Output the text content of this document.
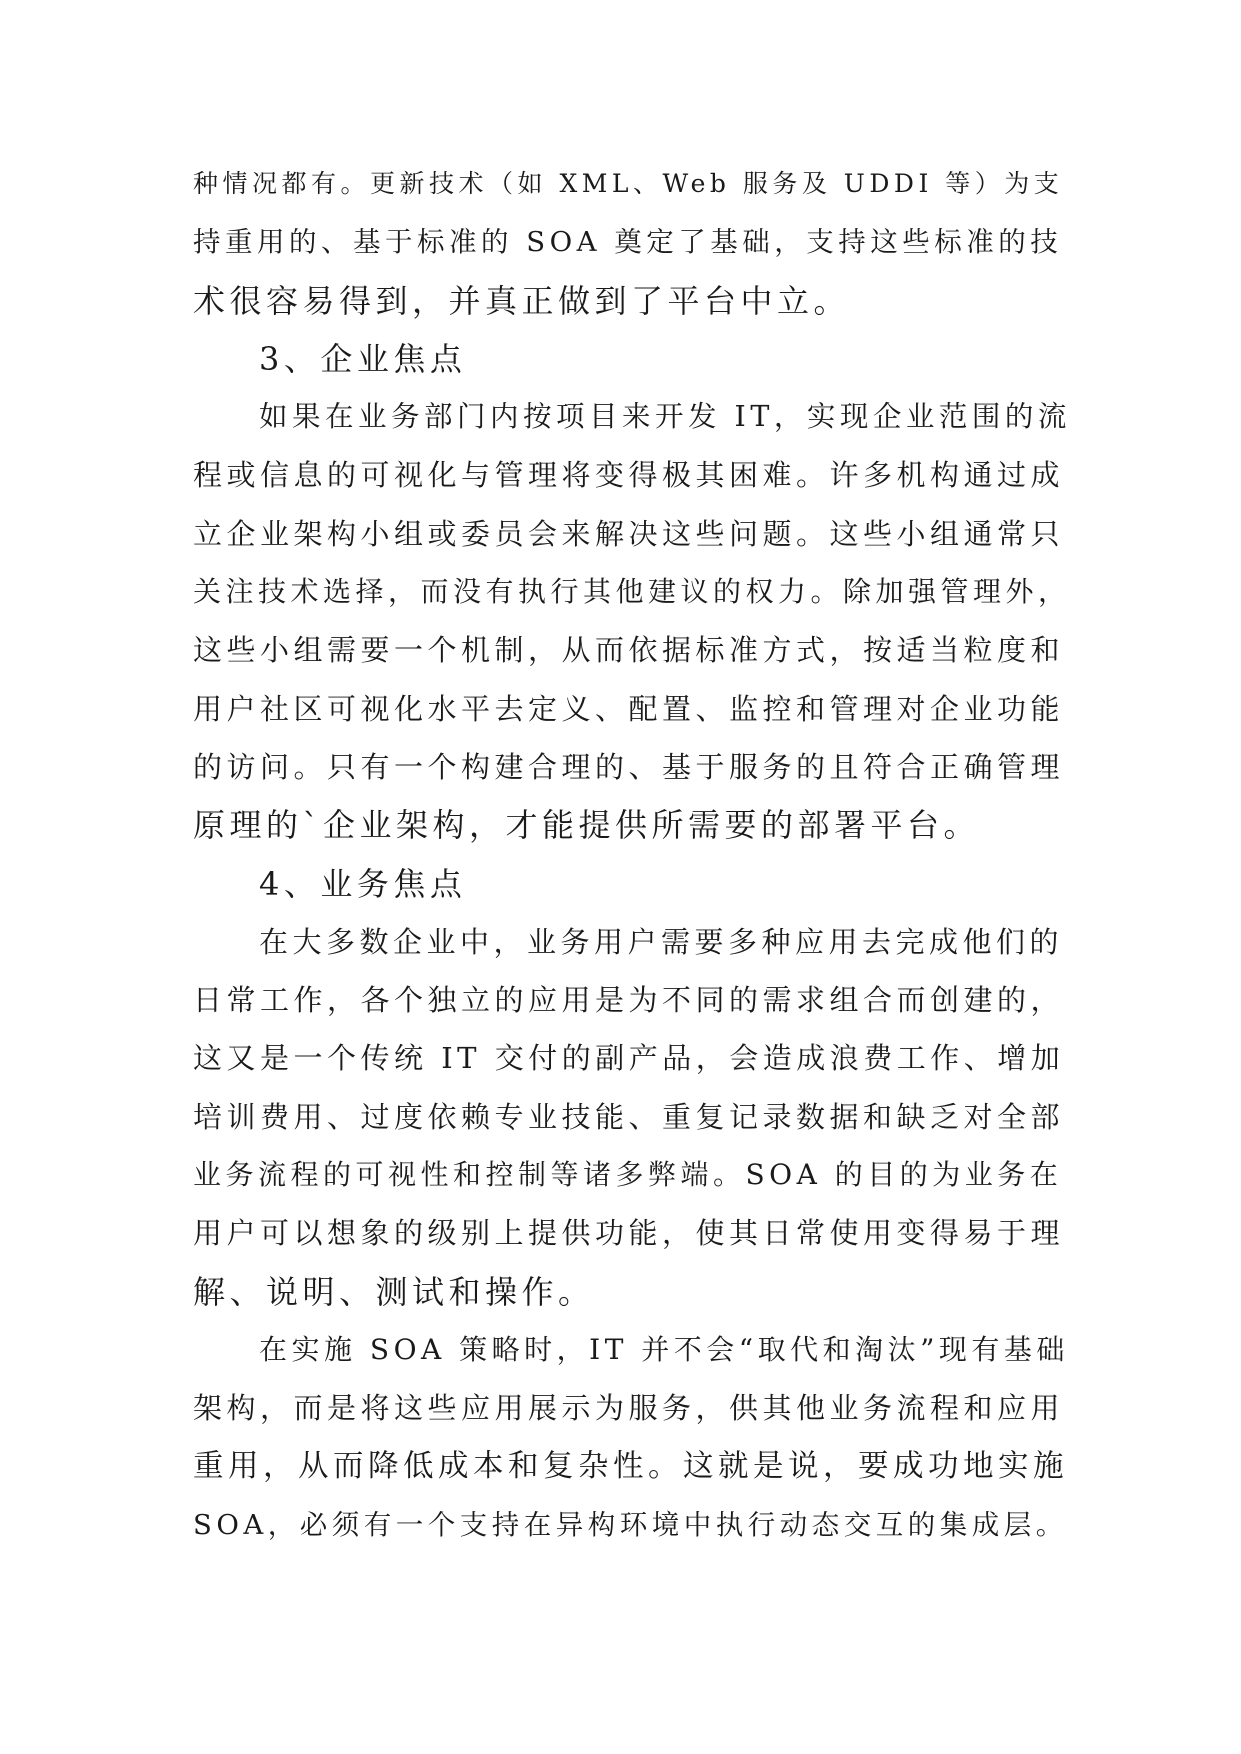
种情况都有。更新技术（如 XML、Web 服务及 UDDI 等）为支
持重用的、基于标准的 SOA 奠定了基础，支持这些标准的技
术很容易得到，并真正做到了平台中立。
3、企业焦点
如果在业务部门内按项目来开发 IT，实现企业范围的流
程或信息的可视化与管理将变得极其困难。许多机构通过成
立企业架构小组或委员会来解决这些问题。这些小组通常只
关注技术选择，而没有执行其他建议的权力。除加强管理外，
这些小组需要一个机制，从而依据标准方式，按适当粒度和
用户社区可视化水平去定义、配置、监控和管理对企业功能
的访问。只有一个构建合理的、基于服务的且符合正确管理
原理的`企业架构，才能提供所需要的部署平台。
4、业务焦点
在大多数企业中，业务用户需要多种应用去完成他们的
日常工作，各个独立的应用是为不同的需求组合而创建的，
这又是一个传统 IT 交付的副产品，会造成浪费工作、增加
培训费用、过度依赖专业技能、重复记录数据和缺乏对全部
业务流程的可视性和控制等诸多弊端。SOA 的目的为业务在
用户可以想象的级别上提供功能，使其日常使用变得易于理
解、说明、测试和操作。
在实施 SOA 策略时，IT 并不会“取代和淘汰”现有基础
架构，而是将这些应用展示为服务，供其他业务流程和应用
重用，从而降低成本和复杂性。这就是说，要成功地实施
SOA，必须有一个支持在异构环境中执行动态交互的集成层。
